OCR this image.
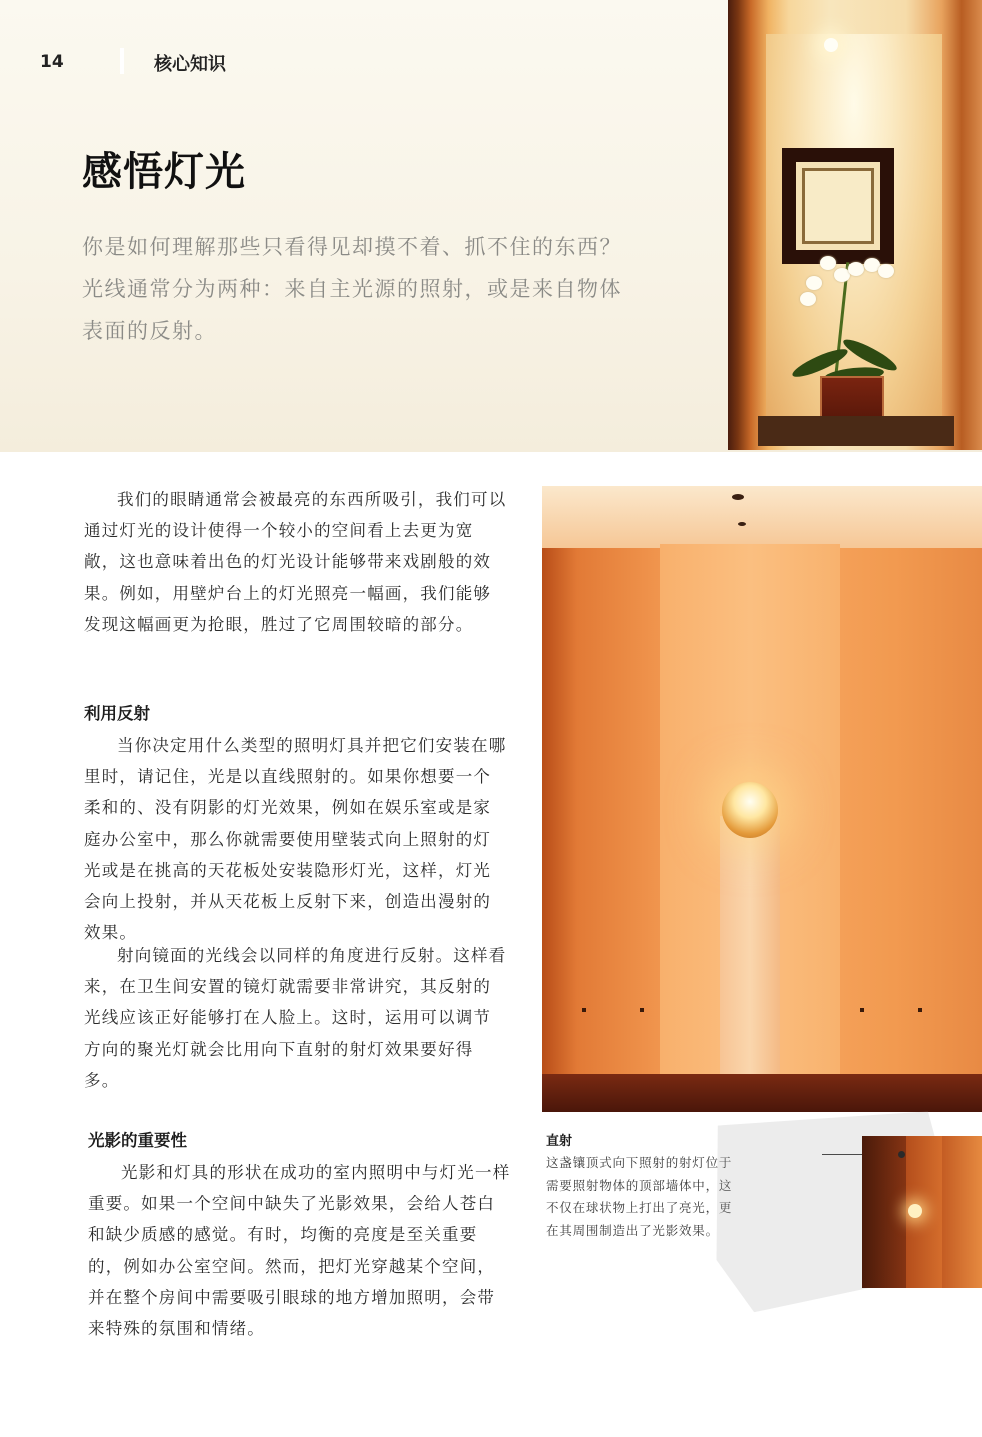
14	核心知识
感悟灯光

你是如何理解那些只看得见却摸不着、抓不住的东西？光线通常分为两种：来自主光源的照射，或是来自物体表面的反射。

我们的眼睛通常会被最亮的东西所吸引，我们可以通过灯光的设计使得一个较小的空间看上去更为宽敞，这也意味着出色的灯光设计能够带来戏剧般的效果。例如，用壁炉台上的灯光照亮一幅画，我们能够发现这幅画更为抢眼，胜过了它周围较暗的部分。

利用反射

当你决定用什么类型的照明灯具并把它们安装在哪里时，请记住，光是以直线照射的。如果你想要一个柔和的、没有阴影的灯光效果，例如在娱乐室或是家庭办公室中，那么你就需要使用壁装式向上照射的灯光或是在挑高的天花板处安装隐形灯光，这样，灯光会向上投射，并从天花板上反射下来，创造出漫射的效果。

射向镜面的光线会以同样的角度进行反射。这样看来，在卫生间安置的镜灯就需要非常讲究，其反射的光线应该正好能够打在人脸上。这时，运用可以调节方向的聚光灯就会比用向下直射的射灯效果要好得多。

光影的重要性

光影和灯具的形状在成功的室内照明中与灯光一样重要。如果一个空间中缺失了光影效果，会给人苍白和缺少质感的感觉。有时，均衡的亮度是至关重要的，例如办公室空间。然而，把灯光穿越某个空间，并在整个房间中需要吸引眼球的地方增加照明，会带来特殊的氛围和情绪。

直射

这盏镶顶式向下照射的射灯位于需要照射物体的顶部墙体中，这不仅在球状物上打出了亮光，更在其周围制造出了光影效果。
